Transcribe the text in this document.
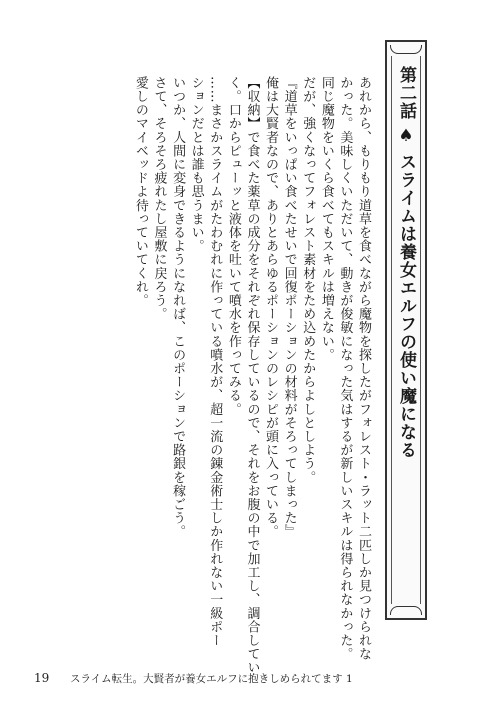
第二話♠スライムは養女エルフの使い魔になる

あれから、もりもり道草を食べながら魔物を探したがフォレスト・ラット二匹しか見つけられな

かった。美味しくいただいて、動きが俊敏になった気はするが新しいスキルは得られなかった。

同じ魔物をいくら食べてもスキルは増えない。

だが、強くなってフォレスト素材をため込めたからよしとしよう。

『道草をいっぱい食べたせいで回復ポーションの材料がそろってしまった』

俺は大賢者なので、ありとあらゆるポーションのレシピが頭に入っている。

【収納】で食べた薬草の成分をそれぞれ保存しているので、それをお腹の中で加工し、調合してい

く。口からピューッと液体を吐いて噴水を作ってみる。

……まさかスライムがたわむれに作っている噴水が、超一流の錬金術士しか作れない一級ポー

ションだとは誰も思うまい。

いつか、人間に変身できるようになれば、このポーションで路銀を稼ごう。

さて、そろそろ疲れたし屋敷に戻ろう。

愛しのマイベッドよ待っていてくれ。

19 スライム転生。大賢者が養女エルフに抱きしめられてます 1
